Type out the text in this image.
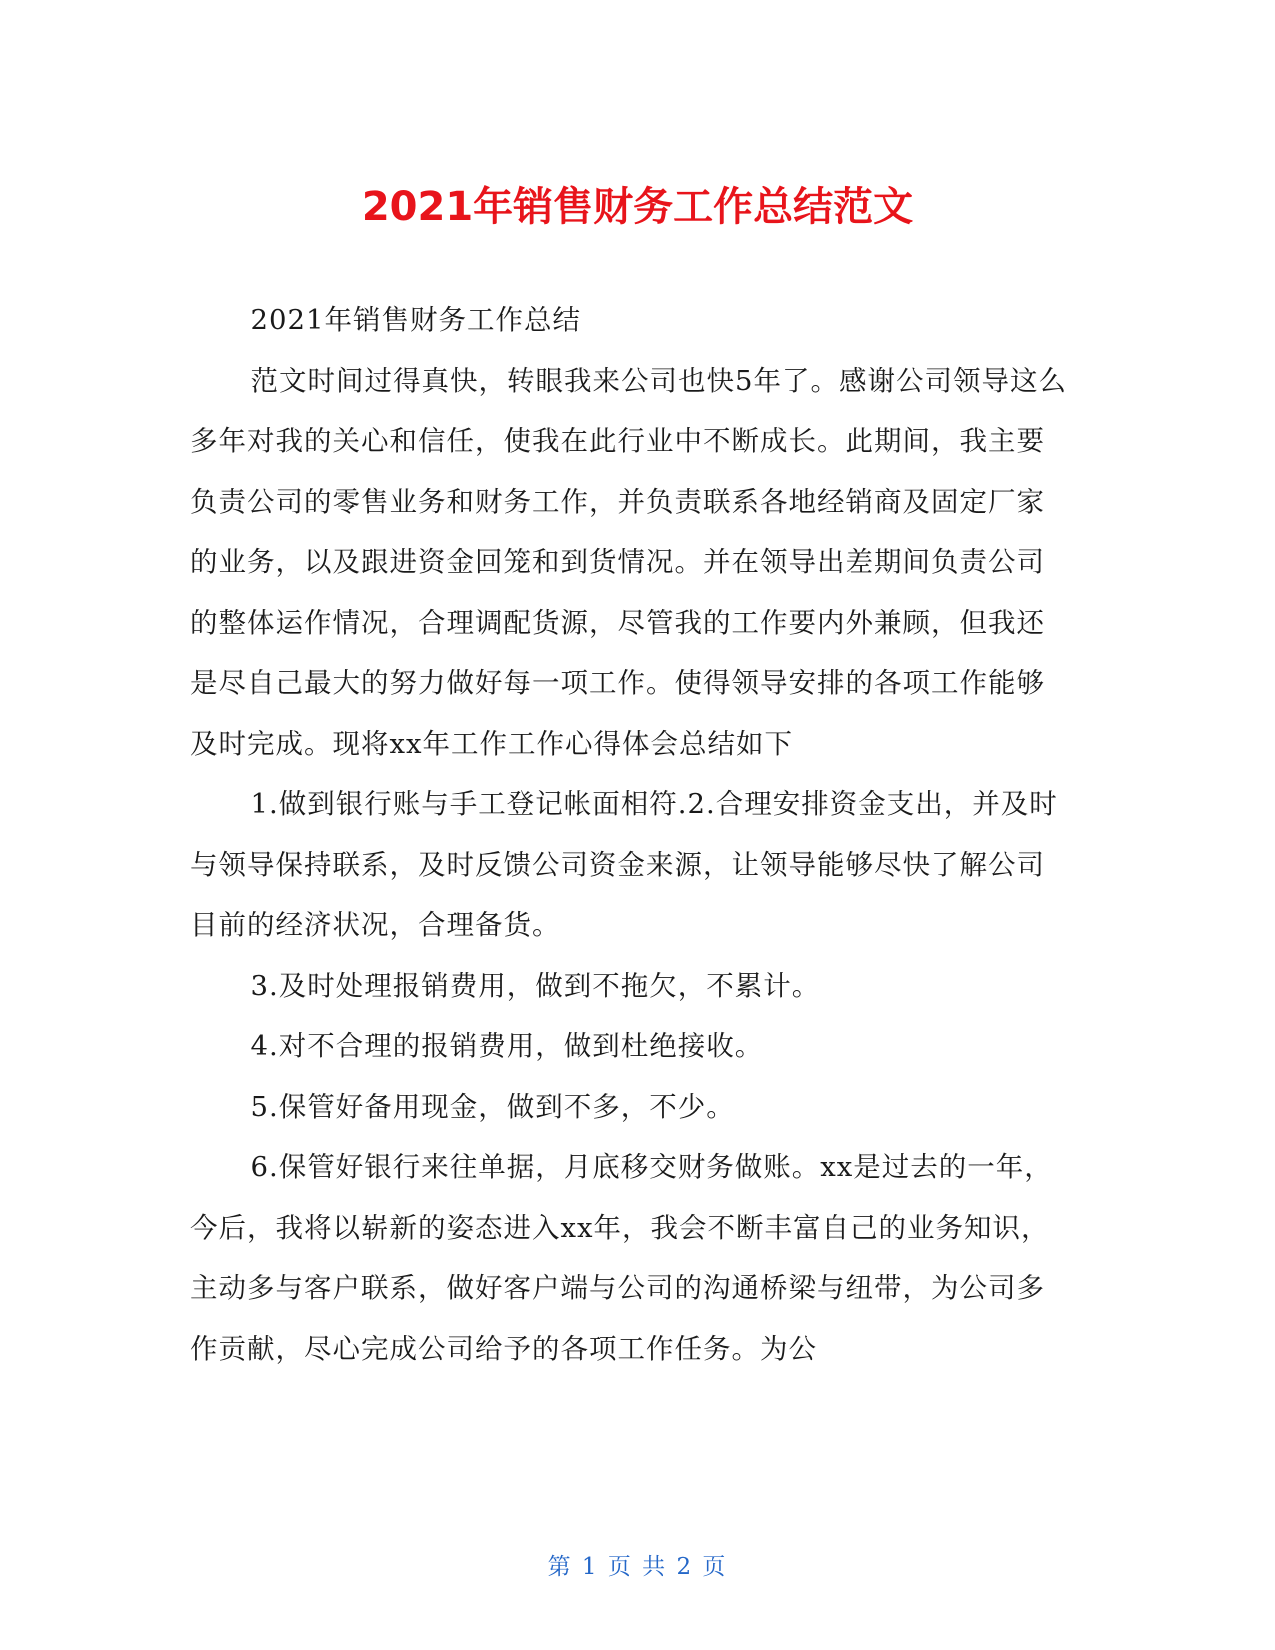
2021年销售财务工作总结范文

2021年销售财务工作总结

范文时间过得真快，转眼我来公司也快5年了。感谢公司领导这么多年对我的关心和信任，使我在此行业中不断成长。此期间，我主要负责公司的零售业务和财务工作，并负责联系各地经销商及固定厂家的业务，以及跟进资金回笼和到货情况。并在领导出差期间负责公司的整体运作情况，合理调配货源，尽管我的工作要内外兼顾，但我还是尽自己最大的努力做好每一项工作。使得领导安排的各项工作能够及时完成。现将xx年工作工作心得体会总结如下

1.做到银行账与手工登记帐面相符.2.合理安排资金支出，并及时与领导保持联系，及时反馈公司资金来源，让领导能够尽快了解公司目前的经济状况，合理备货。

3.及时处理报销费用，做到不拖欠，不累计。

4.对不合理的报销费用，做到杜绝接收。

5.保管好备用现金，做到不多，不少。

6.保管好银行来往单据，月底移交财务做账。xx是过去的一年，今后，我将以崭新的姿态进入xx年，我会不断丰富自己的业务知识，主动多与客户联系，做好客户端与公司的沟通桥梁与纽带，为公司多作贡献，尽心完成公司给予的各项工作任务。为公

第 1 页 共 2 页
